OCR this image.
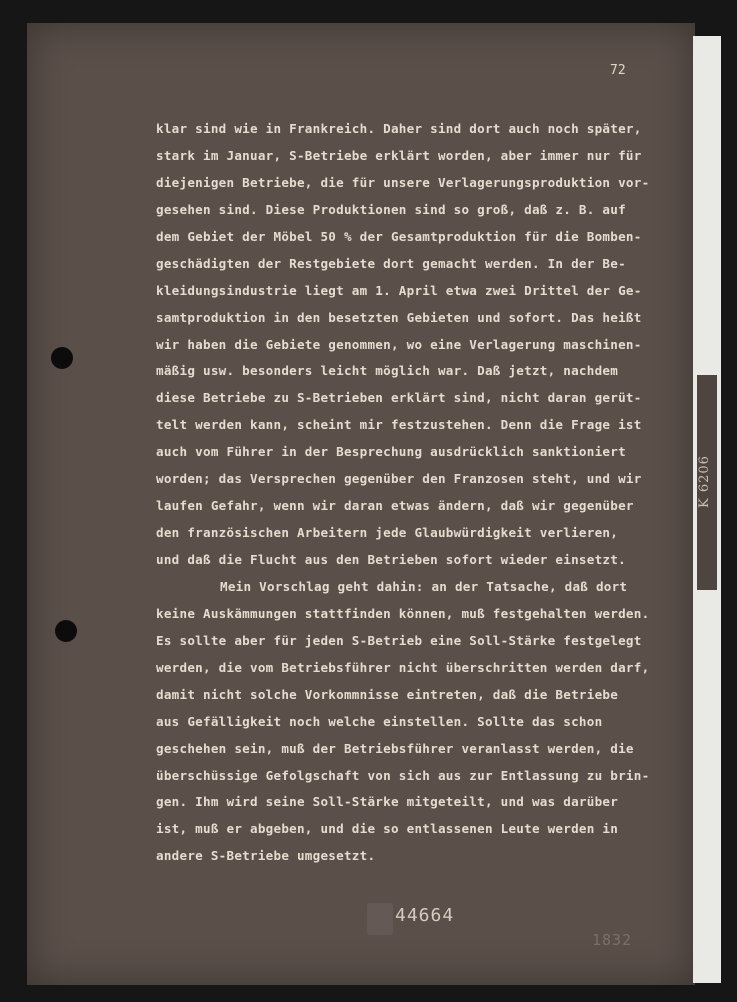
K 6206
72
klar sind wie in Frankreich. Daher sind dort auch noch später,
stark im Januar, S-Betriebe erklärt worden, aber immer nur für
diejenigen Betriebe, die für unsere Verlagerungsproduktion vor-
gesehen sind. Diese Produktionen sind so groß, daß z. B. auf
dem Gebiet der Möbel 50 % der Gesamtproduktion für die Bomben-
geschädigten der Restgebiete dort gemacht werden. In der Be-
kleidungsindustrie liegt am 1. April etwa zwei Drittel der Ge-
samtproduktion in den besetzten Gebieten und sofort. Das heißt
wir haben die Gebiete genommen, wo eine Verlagerung maschinen-
mäßig usw. besonders leicht möglich war. Daß jetzt, nachdem
diese Betriebe zu S-Betrieben erklärt sind, nicht daran gerüt-
telt werden kann, scheint mir festzustehen. Denn die Frage ist
auch vom Führer in der Besprechung ausdrücklich sanktioniert
worden; das Versprechen gegenüber den Franzosen steht, und wir
laufen Gefahr, wenn wir daran etwas ändern, daß wir gegenüber
den französischen Arbeitern jede Glaubwürdigkeit verlieren,
und daß die Flucht aus den Betrieben sofort wieder einsetzt.
Mein Vorschlag geht dahin: an der Tatsache, daß dort
keine Auskämmungen stattfinden können, muß festgehalten werden.
Es sollte aber für jeden S-Betrieb eine Soll-Stärke festgelegt
werden, die vom Betriebsführer nicht überschritten werden darf,
damit nicht solche Vorkommnisse eintreten, daß die Betriebe
aus Gefälligkeit noch welche einstellen. Sollte das schon
geschehen sein, muß der Betriebsführer veranlasst werden, die
überschüssige Gefolgschaft von sich aus zur Entlassung zu brin-
gen. Ihm wird seine Soll-Stärke mitgeteilt, und was darüber
ist, muß er abgeben, und die so entlassenen Leute werden in
andere S-Betriebe umgesetzt.
44664
1832
